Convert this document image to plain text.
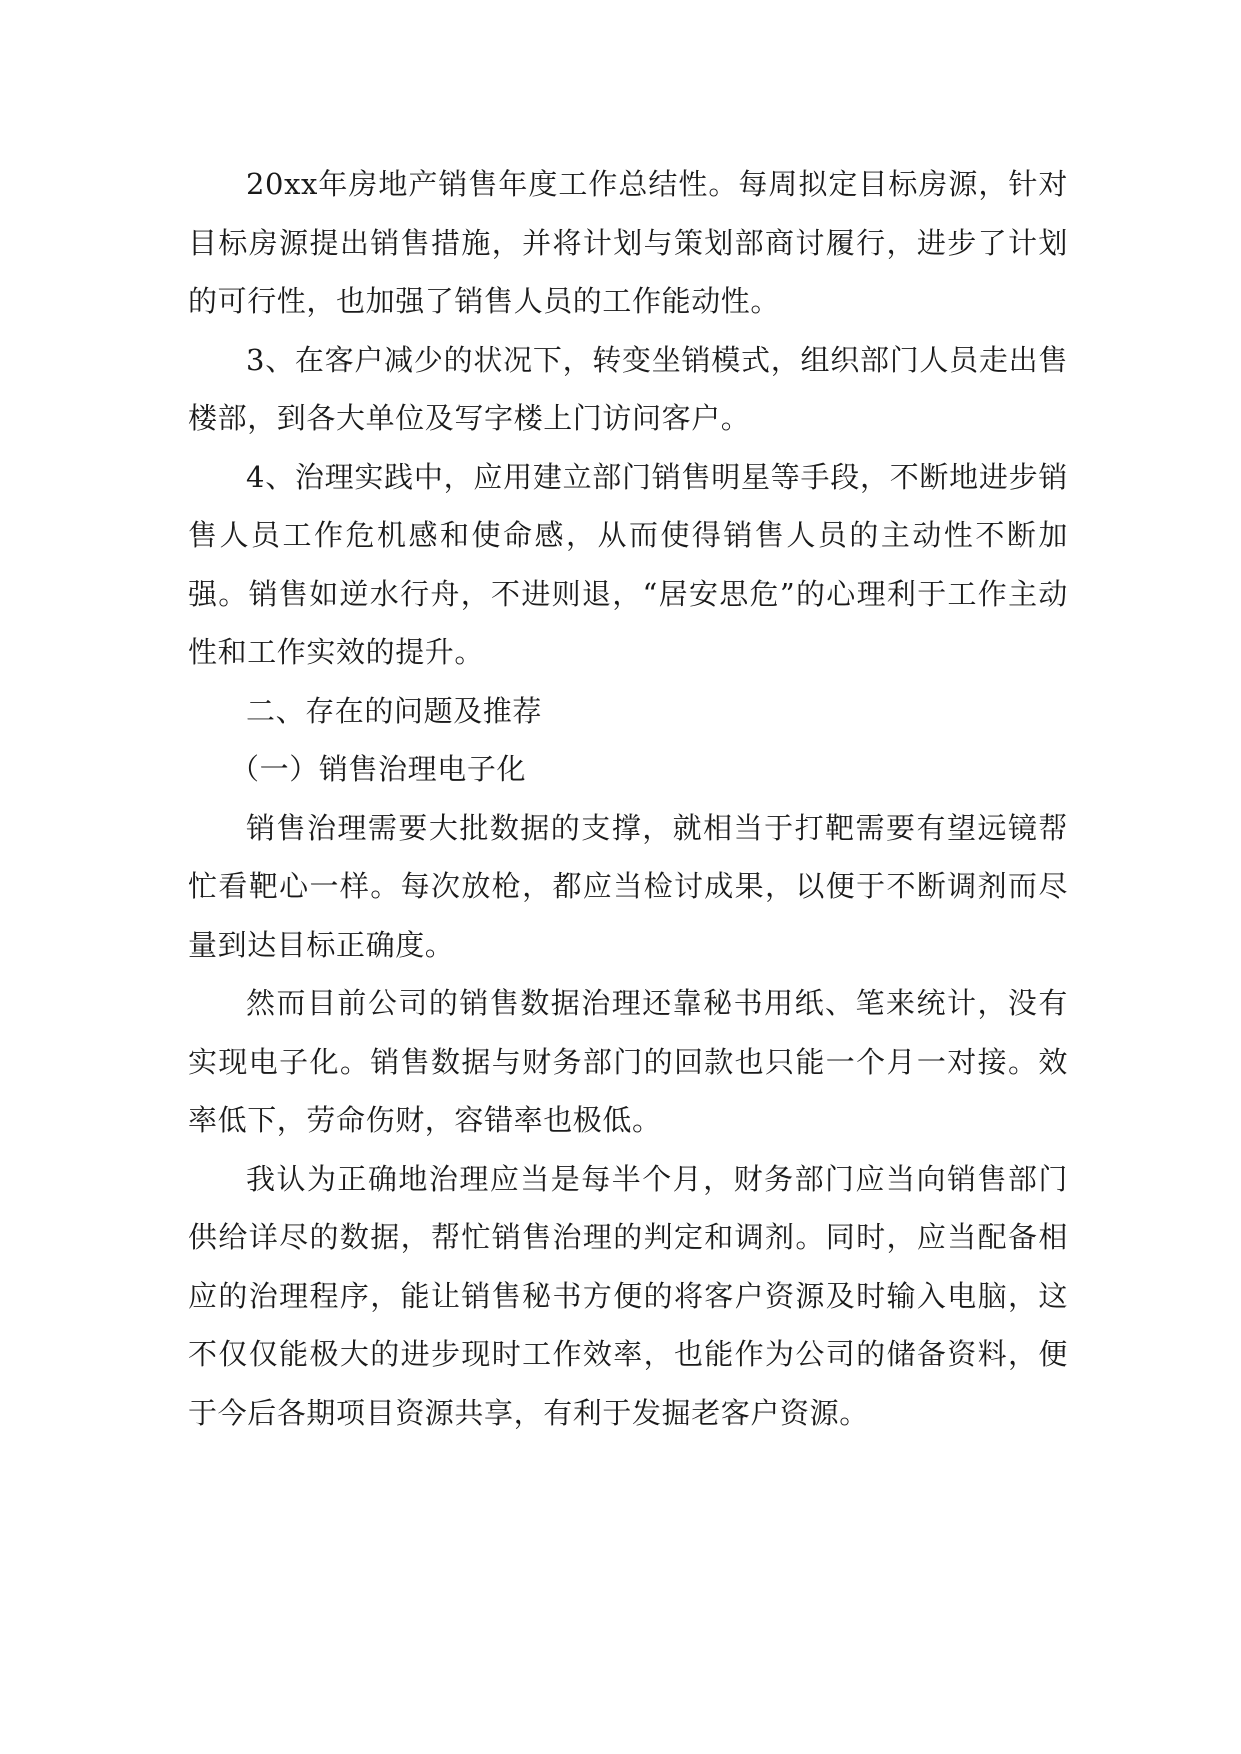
20xx年房地产销售年度工作总结性。每周拟定目标房源，针对目标房源提出销售措施，并将计划与策划部商讨履行，进步了计划的可行性，也加强了销售人员的工作能动性。

3、在客户减少的状况下，转变坐销模式，组织部门人员走出售楼部，到各大单位及写字楼上门访问客户。

4、治理实践中，应用建立部门销售明星等手段，不断地进步销售人员工作危机感和使命感，从而使得销售人员的主动性不断加强。销售如逆水行舟，不进则退，“居安思危”的心理利于工作主动性和工作实效的提升。

二、存在的问题及推荐

（一）销售治理电子化

销售治理需要大批数据的支撑，就相当于打靶需要有望远镜帮忙看靶心一样。每次放枪，都应当检讨成果，以便于不断调剂而尽量到达目标正确度。

然而目前公司的销售数据治理还靠秘书用纸、笔来统计，没有实现电子化。销售数据与财务部门的回款也只能一个月一对接。效率低下，劳命伤财，容错率也极低。

我认为正确地治理应当是每半个月，财务部门应当向销售部门供给详尽的数据，帮忙销售治理的判定和调剂。同时，应当配备相应的治理程序，能让销售秘书方便的将客户资源及时输入电脑，这不仅仅能极大的进步现时工作效率，也能作为公司的储备资料，便于今后各期项目资源共享，有利于发掘老客户资源。
